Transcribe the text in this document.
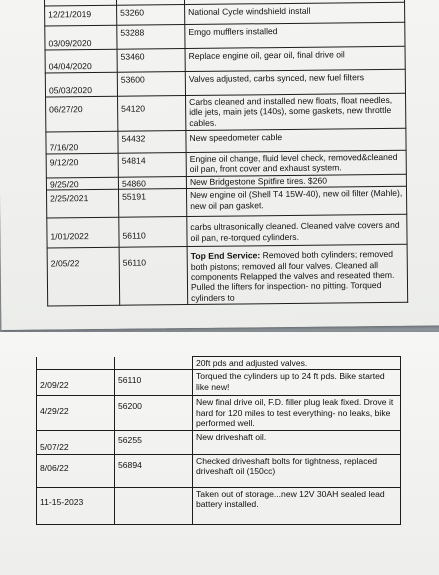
12/21/2019	53260	National Cycle windshield install
03/09/2020	53288	Emgo mufflers installed
04/04/2020	53460	Replace engine oil, gear oil, final drive oil
05/03/2020	53600	Valves adjusted, carbs synced, new fuel filters
06/27/20	54120	Carbs cleaned and installed new floats, float needles, idle jets, main jets (140s), some gaskets, new throttle cables.
7/16/20	54432	New speedometer cable
9/12/20	54814	Engine oil change, fluid level check, removed&cleaned oil pan, front cover and exhaust system.
9/25/20	54860	New Bridgestone Spitfire tires. $260
2/25/2021	55191	New engine oil (Shell T4 15W-40), new oil filter (Mahle), new oil pan gasket.
1/01/2022	56110	carbs ultrasonically cleaned. Cleaned valve covers and oil pan, re-torqued cylinders.
2/05/22	56110	Top End Service: Removed both cylinders; removed both pistons; removed all four valves. Cleaned all components Relapped the valves and reseated them. Pulled the lifters for inspection- no pitting. Torqued cylinders to
		20ft pds and adjusted valves.
2/09/22	56110	Torqued the cylinders up to 24 ft pds. Bike started like new!
4/29/22	56200	New final drive oil, F.D. filler plug leak fixed. Drove it hard for 120 miles to test everything- no leaks, bike performed well.
5/07/22	56255	New driveshaft oil.
8/06/22	56894	Checked driveshaft bolts for tightness, replaced driveshaft oil (150cc)
11-15-2023		Taken out of storage...new 12V 30AH sealed lead battery installed.
